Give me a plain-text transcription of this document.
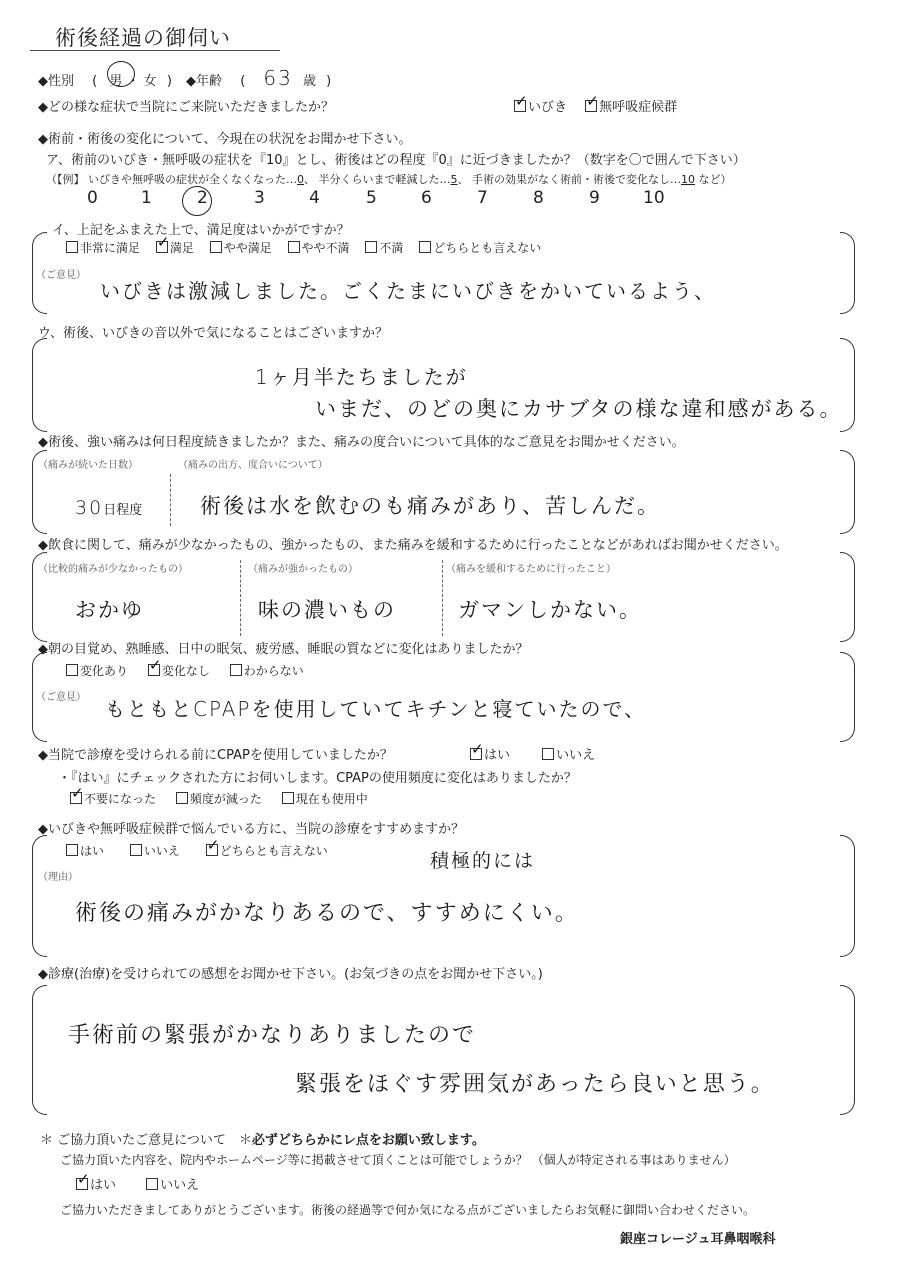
術後経過の御伺い
◆性別 ( 男 ・ 女 ) ◆年齢 ( 63 歳 )
◆どの様な症状で当院にご来院いただきましたか？ ✓	いびき ✓ 無呼吸症候群
◆術前・術後の変化について、今現在の状況をお聞かせ下さい。
ア、術前のいびき・無呼吸の症状を『10』とし、術後はどの程度『0』に近づきましたか？（数字を〇で囲んで下さい）
（【例】 いびきや無呼吸の症状が全くなくなった…0、 半分くらいまで軽減した…5、 手術の効果がなく術前・術後で変化なし…10 など）
0	1	2	3	4	5	6	7	8	9	10
イ、上記をふまえた上で、満足度はいかがですか？
非常に満足 ✓ 満足 やや満足 やや不満 不満 どちらとも言えない
（ご意見）
いびきは激減しました。ごくたまにいびきをかいているよう、
ウ、術後、いびきの音以外で気になることはございますか？
1ヶ月半たちましたが
いまだ、のどの奥にカサブタの様な違和感がある。
◆術後、強い痛みは何日程度続きましたか？また、痛みの度合いについて具体的なご意見をお聞かせください。
（痛みが続いた日数）	（痛みの出方、度合いについて）
30日程度	術後は水を飲むのも痛みがあり、苦しんだ。
◆飲食に関して、痛みが少なかったもの、強かったもの、また痛みを緩和するために行ったことなどがあればお聞かせください。
（比較的痛みが少なかったもの）	（痛みが強かったもの）	（痛みを緩和するために行ったこと）
おかゆ	味の濃いもの	ガマンしかない。
◆朝の目覚め、熟睡感、日中の眠気、疲労感、睡眠の質などに変化はありましたか？
変化あり ✓	変化なし	わからない
（ご意見） もともとCPAPを使用していてキチンと寝ていたので、
◆当院で診療を受けられる前にCPAPを使用していましたか？ ✓	はい	いいえ
・『はい』にチェックされた方にお伺いします。CPAPの使用頻度に変化はありましたか？
✓不要になった	頻度が減った	現在も使用中
◆いびきや無呼吸症候群で悩んでいる方に、当院の診療をすすめますか？
はい	いいえ ✓	どちらとも言えない	積極的には
（理由）
術後の痛みがかなりあるので、すすめにくい。
◆診療(治療)を受けられての感想をお聞かせ下さい。(お気づきの点をお聞かせ下さい。)
手術前の緊張がかなりありましたので
緊張をほぐす雰囲気があったら良いと思う。
＊ ご協力頂いたご意見について　＊必ずどちらかにレ点をお願い致します。
ご協力頂いた内容を、院内やホームページ等に掲載させて頂くことは可能でしょうか？ （個人が特定される事はありません）
✓はい	いいえ
ご協力いただきましてありがとうございます。術後の経過等で何か気になる点がございましたらお気軽に御問い合わせください。
銀座コレージュ耳鼻咽喉科
